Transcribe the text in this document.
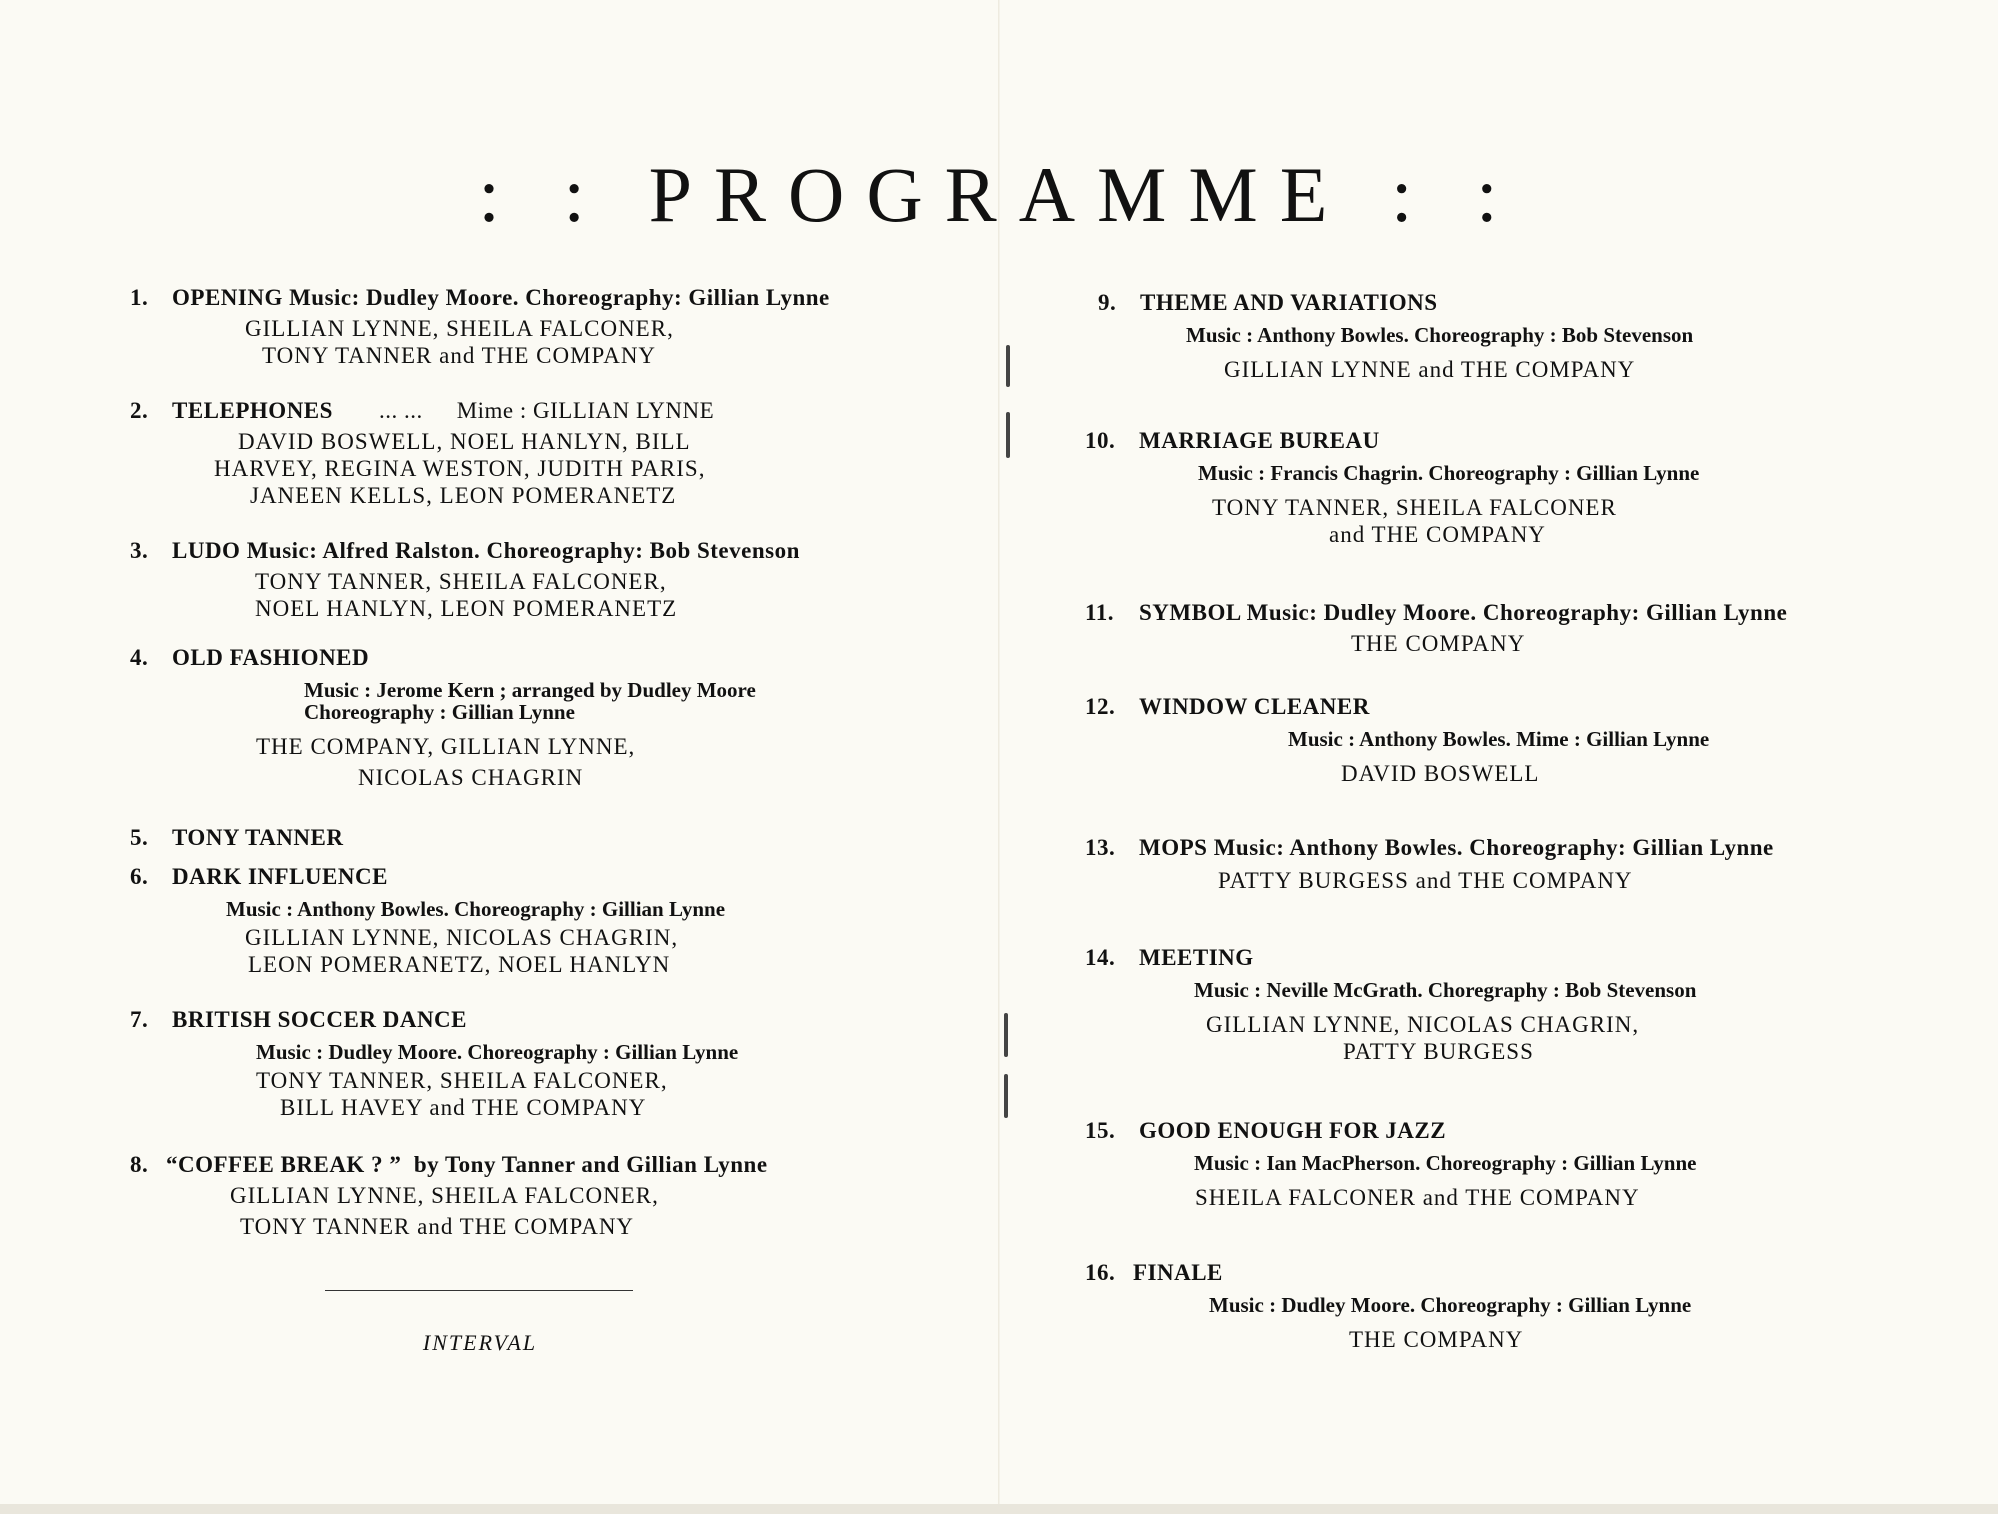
: : PROGRAMME : :
1. OPENING Music: Dudley Moore. Choreography: Gillian Lynne
GILLIAN LYNNE, SHEILA FALCONER,
TONY TANNER and THE COMPANY
2. TELEPHONES ... ... Mime : GILLIAN LYNNE
DAVID BOSWELL, NOEL HANLYN, BILL
HARVEY, REGINA WESTON, JUDITH PARIS,
JANEEN KELLS, LEON POMERANETZ
3. LUDO Music: Alfred Ralston. Choreography: Bob Stevenson
TONY TANNER, SHEILA FALCONER,
NOEL HANLYN, LEON POMERANETZ
4. OLD FASHIONED
Music : Jerome Kern ; arranged by Dudley Moore
Choreography : Gillian Lynne
THE COMPANY, GILLIAN LYNNE,
NICOLAS CHAGRIN
5. TONY TANNER
6. DARK INFLUENCE
Music : Anthony Bowles. Choreography : Gillian Lynne
GILLIAN LYNNE, NICOLAS CHAGRIN,
LEON POMERANETZ, NOEL HANLYN
7. BRITISH SOCCER DANCE
Music : Dudley Moore. Choreography : Gillian Lynne
TONY TANNER, SHEILA FALCONER,
BILL HAVEY and THE COMPANY
8. “COFFEE BREAK ? ”  by Tony Tanner and Gillian Lynne
GILLIAN LYNNE, SHEILA FALCONER,
TONY TANNER and THE COMPANY
INTERVAL
9. THEME AND VARIATIONS
Music : Anthony Bowles. Choreography : Bob Stevenson
GILLIAN LYNNE and THE COMPANY
10. MARRIAGE BUREAU
Music : Francis Chagrin. Choreography : Gillian Lynne
TONY TANNER, SHEILA FALCONER
and THE COMPANY
11. SYMBOL Music: Dudley Moore. Choreography: Gillian Lynne
THE COMPANY
12. WINDOW CLEANER
Music : Anthony Bowles. Mime : Gillian Lynne
DAVID BOSWELL
13. MOPS Music: Anthony Bowles. Choreography: Gillian Lynne
PATTY BURGESS and THE COMPANY
14. MEETING
Music : Neville McGrath. Choregraphy : Bob Stevenson
GILLIAN LYNNE, NICOLAS CHAGRIN,
PATTY BURGESS
15. GOOD ENOUGH FOR JAZZ
Music : Ian MacPherson. Choreography : Gillian Lynne
SHEILA FALCONER and THE COMPANY
16. FINALE
Music : Dudley Moore. Choreography : Gillian Lynne
THE COMPANY
